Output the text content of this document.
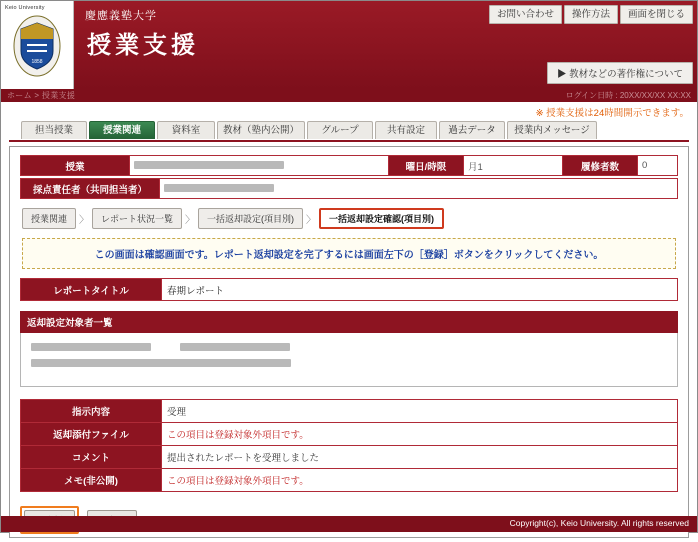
Keio University
1858
慶應義塾大学
授業支援
お問い合わせ	操作方法	画面を閉じる
▶ 教材などの著作権について
ホーム > 授業支援	ログイン日時 : 20XX/XX/XX XX:XX
※ 授業支援は24時間開示できます。
担当授業	授業関連	資料室	教材（塾内公開）	グループ	共有設定	過去データ	授業内メッセージ
授業		曜日/時限	月1	履修者数	0
採点責任者（共同担当者）	
授業関連	〉	レポート状況一覧	〉	一括返却設定(項目別)	〉	一括返却設定確認(項目別)
この画面は確認画面です。レポート返却設定を完了するには画面左下の［登録］ボタンをクリックしてください。
レポートタイトル	春期レポート
返却設定対象者一覧

指示内容	受理
返却添付ファイル	この項目は登録対象外項目です。
コメント	提出されたレポートを受理しました
メモ(非公開)	この項目は登録対象外項目です。
Copyright(c), Keio University. All rights reserved
